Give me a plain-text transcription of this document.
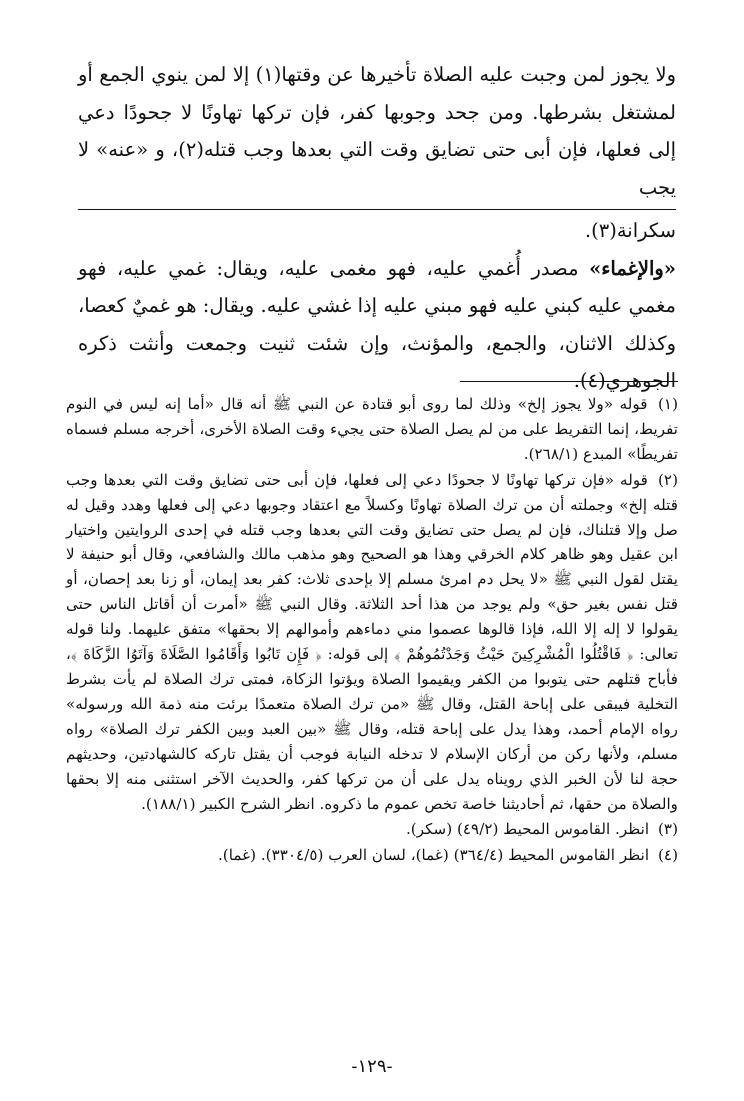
ولا يجوز لمن وجبت عليه الصلاة تأخيرها عن وقتها(١) إلا لمن ينوي الجمع أو لمشتغل بشرطها. ومن جحد وجوبها كفر، فإن تركها تهاونًا لا جحودًا دعي إلى فعلها، فإن أبى حتى تضايق وقت التي بعدها وجب قتله(٢)، و «عنه» لا يجب

سكرانة(٣).

«والإغماء» مصدر أُغمي عليه، فهو مغمى عليه، ويقال: غمي عليه، فهو مغمي عليه كبني عليه فهو مبني عليه إذا غشي عليه. ويقال: هو غميٌ كعصا، وكذلك الاثنان، والجمع، والمؤنث، وإن شئت ثنيت وجمعت وأنثت ذكره الجوهري(٤).

(١) قوله «ولا يجوز إلخ» وذلك لما روى أبو قتادة عن النبي ﷺ أنه قال «أما إنه ليس في النوم تفريط، إنما التفريط على من لم يصل الصلاة حتى يجيء وقت الصلاة الأخرى، أخرجه مسلم فسماه تفريطًا» المبدع (٢٦٨/١).

(٢) قوله «فإن تركها تهاونًا لا جحودًا دعي إلى فعلها، فإن أبى حتى تضايق وقت التي بعدها وجب قتله إلخ» وجملته أن من ترك الصلاة تهاونًا وكسلاً مع اعتقاد وجوبها دعي إلى فعلها وهدد وقيل له صل وإلا قتلناك، فإن لم يصل حتى تضايق وقت التي بعدها وجب قتله في إحدى الروايتين واختيار ابن عقيل وهو ظاهر كلام الخرقي وهذا هو الصحيح وهو مذهب مالك والشافعي، وقال أبو حنيفة لا يقتل لقول النبي ﷺ «لا يحل دم امرئ مسلم إلا بإحدى ثلاث: كفر بعد إيمان، أو زنا بعد إحصان، أو قتل نفس بغير حق» ولم يوجد من هذا أحد الثلاثة. وقال النبي ﷺ «أمرت أن أقاتل الناس حتى يقولوا لا إله إلا الله، فإذا قالوها عصموا مني دماءهم وأموالهم إلا بحقها» متفق عليهما. ولنا قوله تعالى: ﴿ فَاقْتُلُوا الْمُشْرِكِينَ حَيْثُ وَجَدْتُمُوهُمْ ﴾ إلى قوله: ﴿ فَإِن تَابُوا وَأَقَامُوا الصَّلَاةَ وَآتَوُا الزَّكَاةَ ﴾، فأباح قتلهم حتى يتوبوا من الكفر ويقيموا الصلاة ويؤتوا الزكاة، فمتى ترك الصلاة لم يأت بشرط التخلية فيبقى على إباحة القتل، وقال ﷺ «من ترك الصلاة متعمدًا برئت منه ذمة الله ورسوله» رواه الإمام أحمد، وهذا يدل على إباحة قتله، وقال ﷺ «بين العبد وبين الكفر ترك الصلاة» رواه مسلم، ولأنها ركن من أركان الإسلام لا تدخله النيابة فوجب أن يقتل تاركه كالشهادتين، وحديثهم حجة لنا لأن الخبر الذي رويناه يدل على أن من تركها كفر، والحديث الآخر استثنى منه إلا بحقها والصلاة من حقها، ثم أحاديثنا خاصة تخص عموم ما ذكروه. انظر الشرح الكبير (١٨٨/١).

(٣) انظر. القاموس المحيط (٤٩/٢) (سكر).

(٤) انظر القاموس المحيط (٣٦٤/٤) (غما)، لسان العرب (٣٣٠٤/٥). (غما).

-١٢٩-
